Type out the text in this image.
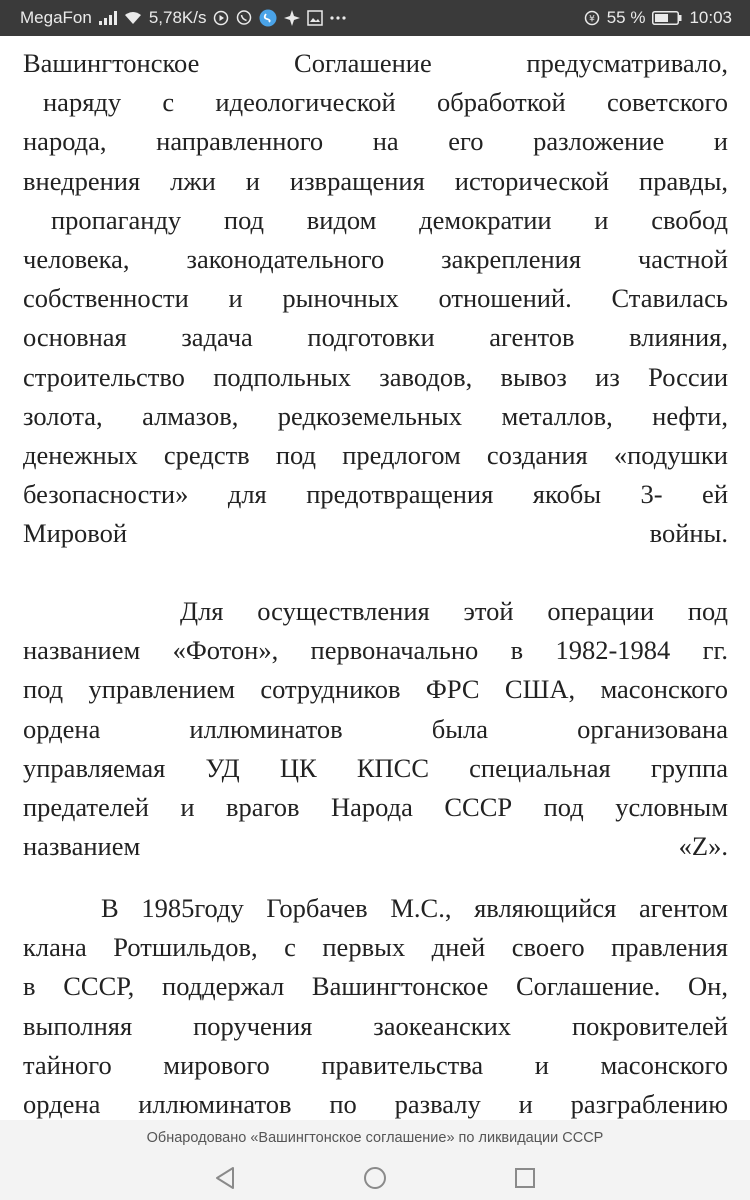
MegaFon	5,78K/s	¥ 55 %	10:03
Вашингтонское Соглашение предусматривало,
наряду с идеологической обработкой советского
народа, направленного на его разложение и
внедрения лжи и извращения исторической правды,
пропаганду под видом демократии и свобод
человека, законодательного закрепления частной
собственности и рыночных отношений. Ставилась
основная задача подготовки агентов влияния,
строительство подпольных заводов, вывоз из России
золота, алмазов, редкоземельных металлов, нефти,
денежных средств под предлогом создания «подушки
безопасности» для предотвращения якобы 3- ей
Мировой войны.
Для осуществления этой операции под
названием «Фотон», первоначально в 1982-1984 гг.
под управлением сотрудников ФРС США, масонского
ордена иллюминатов была организована
управляемая УД ЦК КПСС специальная группа
предателей и врагов Народа СССР под условным
названием «Z».
В 1985году Горбачев М.С., являющийся агентом
клана Ротшильдов, с первых дней своего правления
в СССР, поддержал Вашингтонское Соглашение. Он,
выполняя поручения заокеанских покровителей
тайного мирового правительства и масонского
ордена иллюминатов по развалу и разграблению
Обнародовано «Вашингтонское соглашение» по ликвидации СССР
